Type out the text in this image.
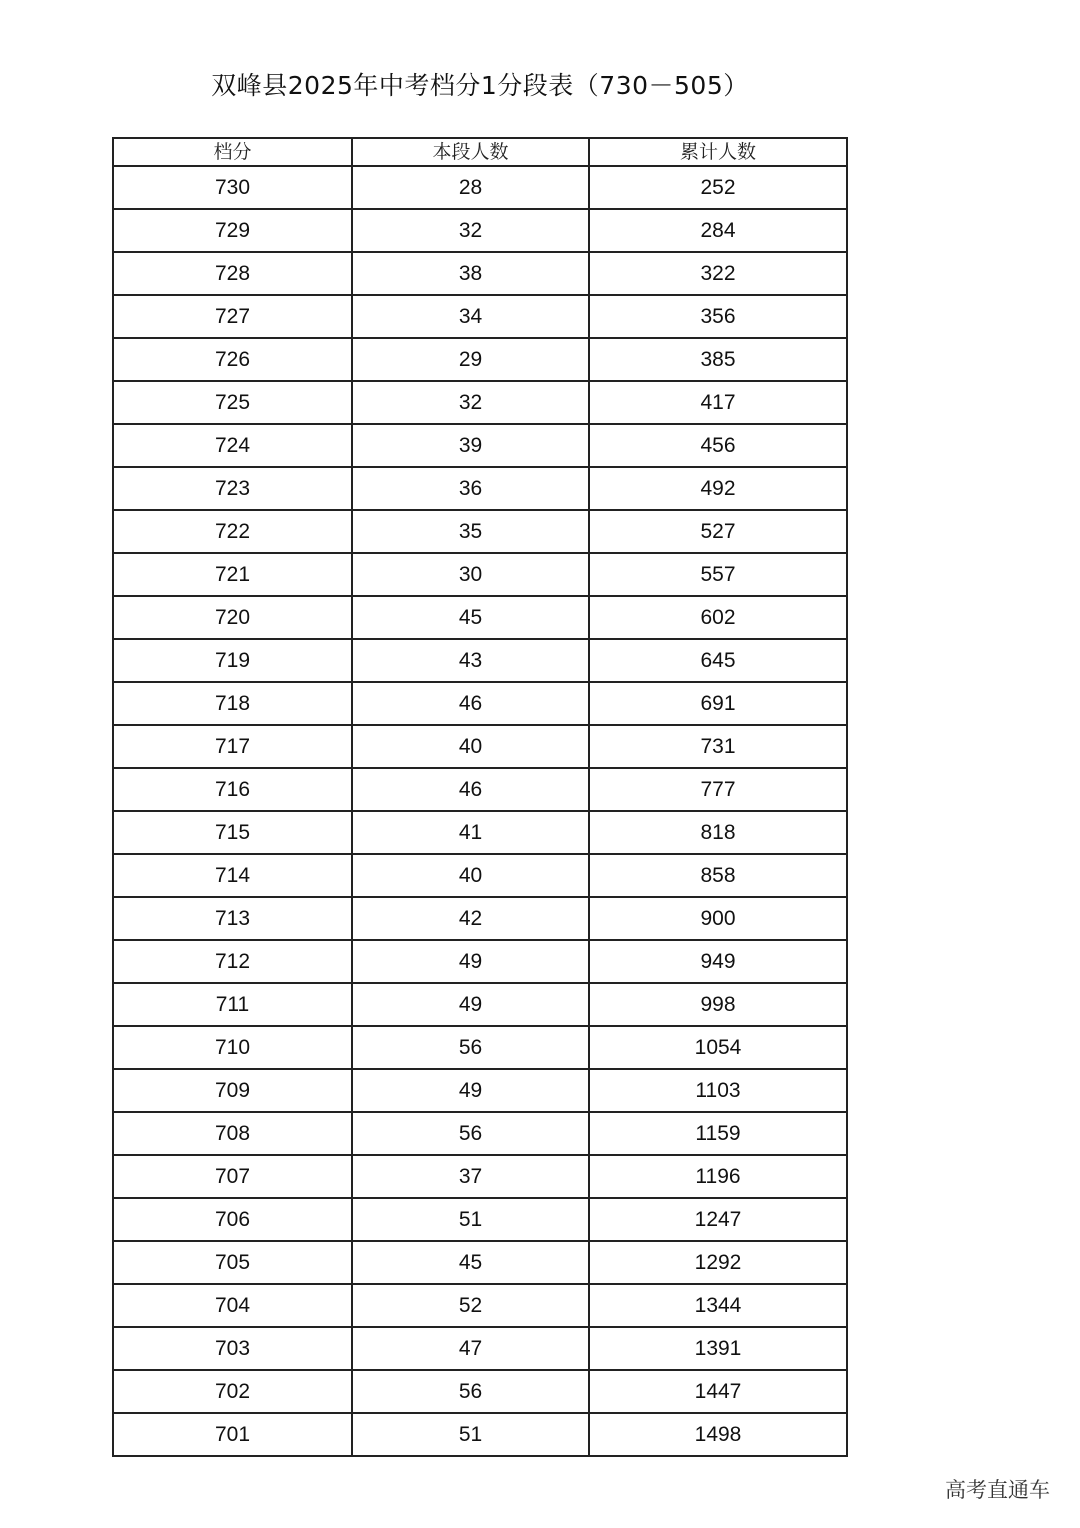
双峰县2025年中考档分1分段表（730－505）
档分	本段人数	累计人数
730	28	252
729	32	284
728	38	322
727	34	356
726	29	385
725	32	417
724	39	456
723	36	492
722	35	527
721	30	557
720	45	602
719	43	645
718	46	691
717	40	731
716	46	777
715	41	818
714	40	858
713	42	900
712	49	949
711	49	998
710	56	1054
709	49	1103
708	56	1159
707	37	1196
706	51	1247
705	45	1292
704	52	1344
703	47	1391
702	56	1447
701	51	1498
高考直通车
